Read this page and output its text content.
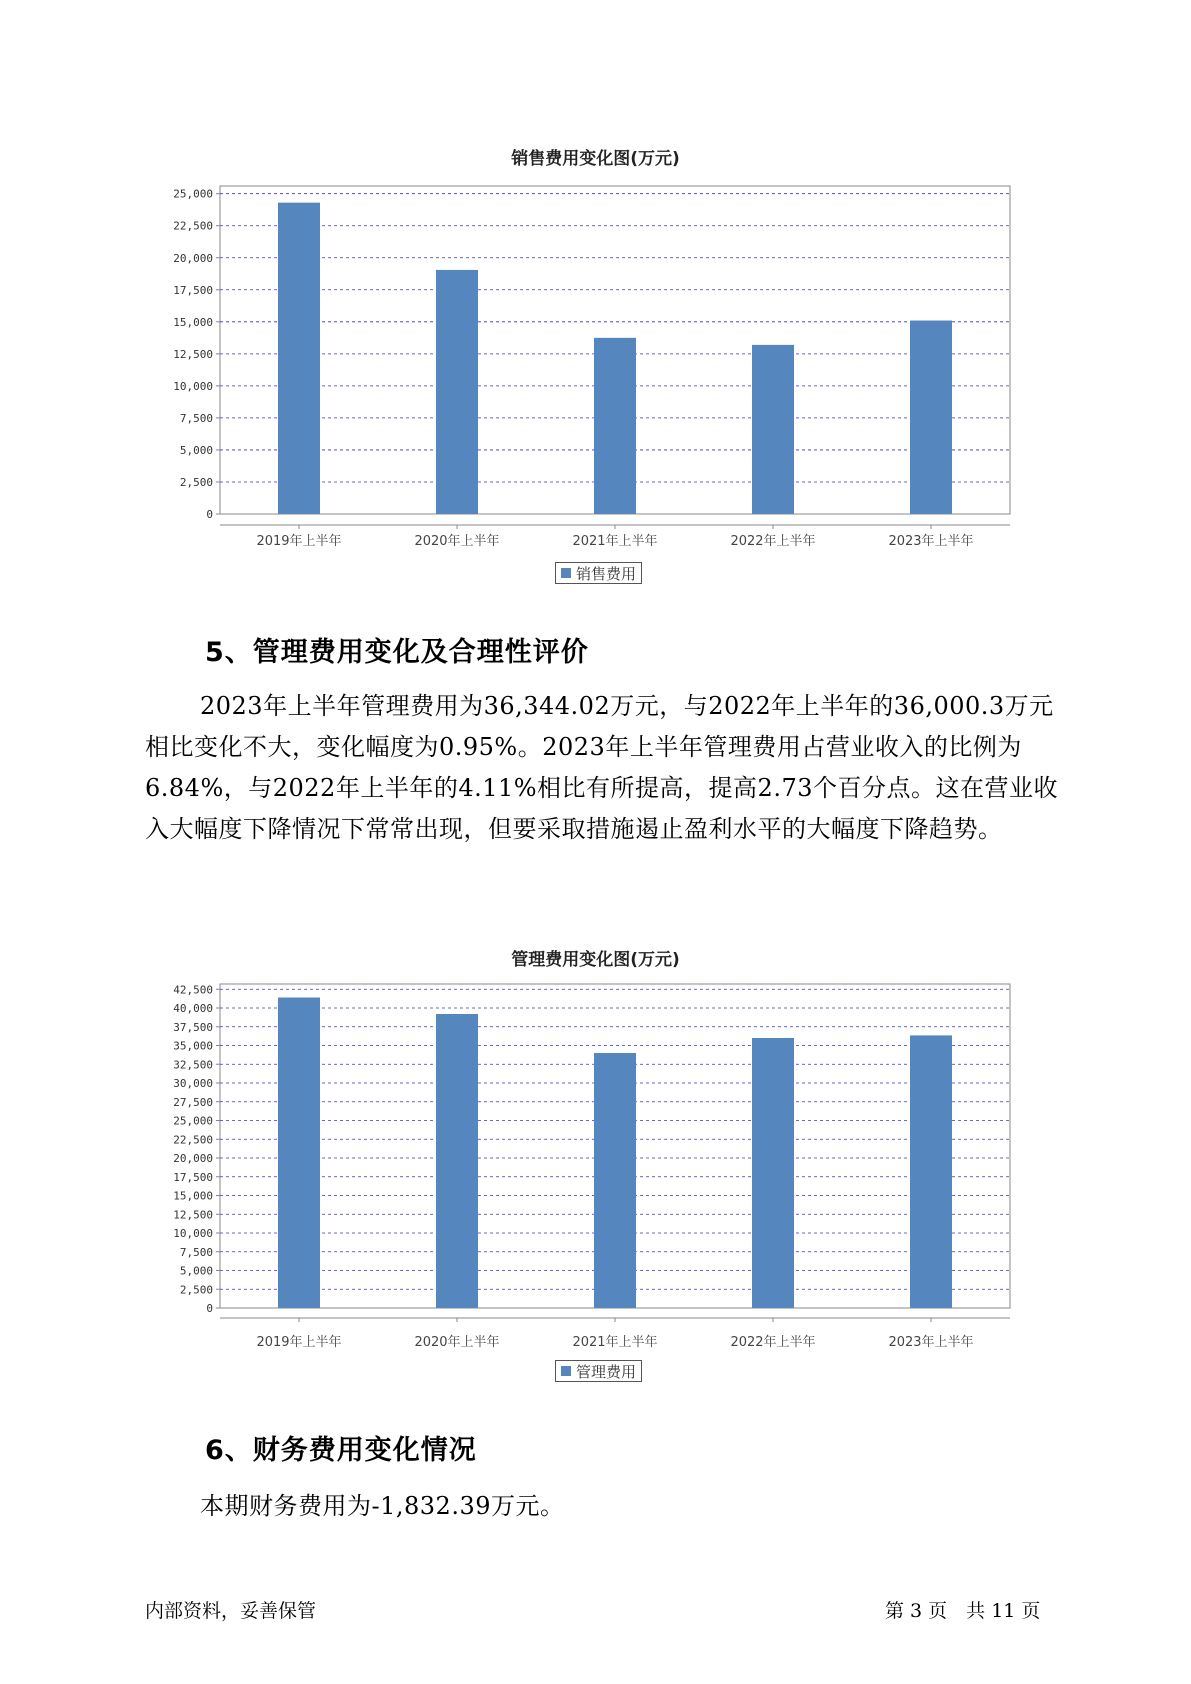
销售费用变化图(万元)
0
2,500
5,000
7,500
10,000
12,500
15,000
17,500
20,000
22,500
25,000
2019年上半年	2020年上半年	2021年上半年	2022年上半年	2023年上半年
销售费用
5、管理费用变化及合理性评价

2023年上半年管理费用为36,344.02万元，与2022年上半年的36,000.3万元相比变化不大，变化幅度为0.95%。2023年上半年管理费用占营业收入的比例为6.84%，与2022年上半年的4.11%相比有所提高，提高2.73个百分点。这在营业收入大幅度下降情况下常常出现，但要采取措施遏止盈利水平的大幅度下降趋势。

管理费用变化图(万元)
0
2,500
5,000
7,500
10,000
12,500
15,000
17,500
20,000
22,500
25,000
27,500
30,000
32,500
35,000
37,500
40,000
42,500
2019年上半年	2020年上半年	2021年上半年	2022年上半年	2023年上半年
管理费用
6、财务费用变化情况

本期财务费用为-1,832.39万元。

内部资料，妥善保管	第 3 页　共 11 页
